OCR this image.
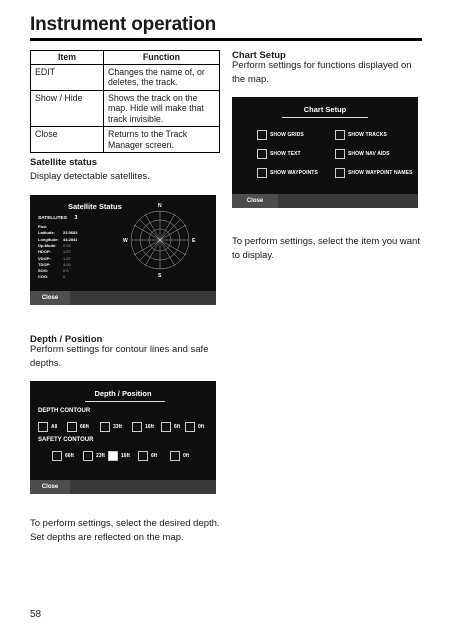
Instrument operation
Item	Function
EDIT	Changes the name of, or deletes, the track.
Show / Hide	Shows the track on the map. Hide will make that track invisible.
Close	Returns to the Track Manager screen.
Satellite status
Display detectable satellites.
Satellite Status
SATELLITES 3
Fix#:
Latitude: 22.5683
Longitude: 44.2841
Op.Mode: 0.00
HDOP:	1.07
VDOP:	1.07
TDOP:	4.00
SOG:	0.0
COG:	0
N
S
E
W
Close
Depth / Position
Perform settings for contour lines and safe depths.
Depth / Position
DEPTH CONTOUR
All	66ft	33ft	16ft	6ft	0ft
SAFETY CONTOUR
66ft	23ft	16ft	6ft	0ft
Close
To perform settings, select the desired depth. Set depths are reflected on the map.
Chart Setup
Perform settings for functions displayed on the map.
Chart Setup
SHOW GRIDS	SHOW TRACKS
SHOW TEXT	SHOW NAV AIDS
SHOW WAYPOINTS	SHOW WAYPOINT NAMES
Close
To perform settings, select the item you want to display.
58
